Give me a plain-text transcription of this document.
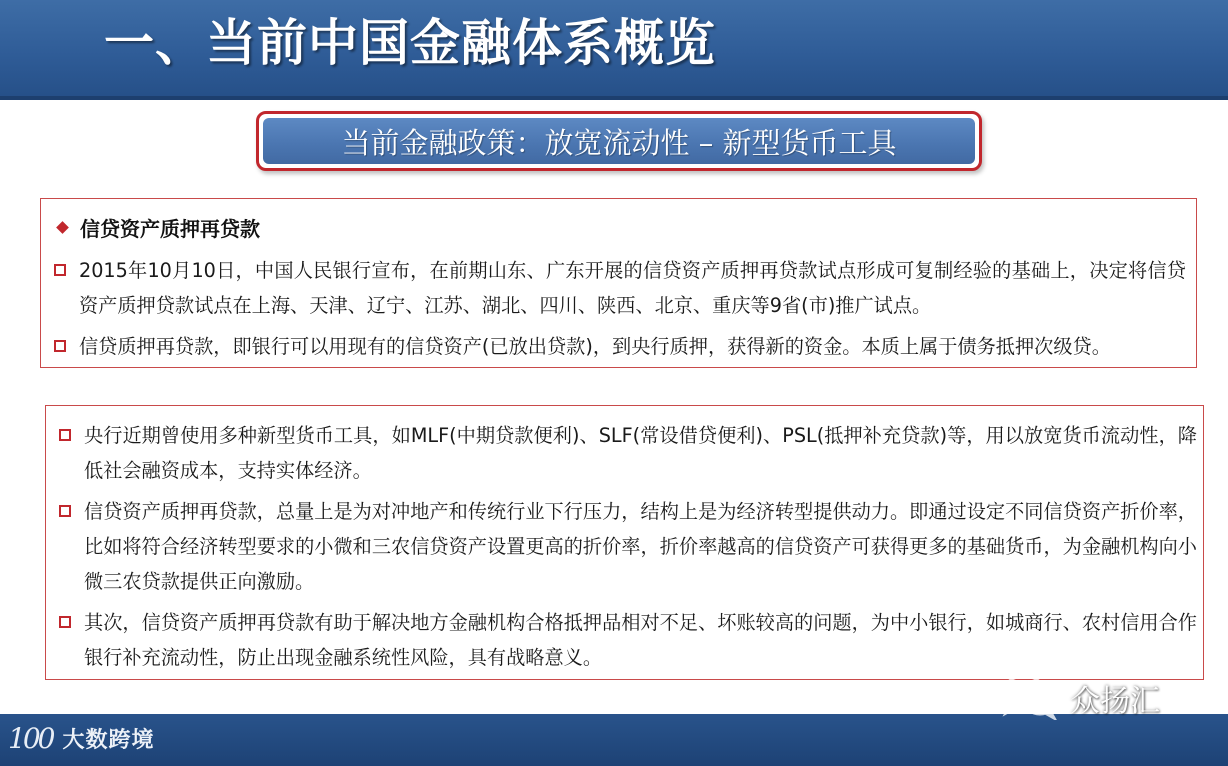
一、当前中国金融体系概览
当前金融政策：放宽流动性 – 新型货币工具
信贷资产质押再贷款
2015年10月10日，中国人民银行宣布，在前期山东、广东开展的信贷资产质押再贷款试点形成可复制经验的基础上，决定将信贷资产质押贷款试点在上海、天津、辽宁、江苏、湖北、四川、陕西、北京、重庆等9省(市)推广试点。
信贷质押再贷款，即银行可以用现有的信贷资产(已放出贷款)，到央行质押，获得新的资金。本质上属于债务抵押次级贷。
央行近期曾使用多种新型货币工具，如MLF(中期贷款便利)、SLF(常设借贷便利)、PSL(抵押补充贷款)等，用以放宽货币流动性，降低社会融资成本，支持实体经济。
信贷资产质押再贷款，总量上是为对冲地产和传统行业下行压力，结构上是为经济转型提供动力。即通过设定不同信贷资产折价率，比如将符合经济转型要求的小微和三农信贷资产设置更高的折价率，折价率越高的信贷资产可获得更多的基础货币，为金融机构向小微三农贷款提供正向激励。
其次，信贷资产质押再贷款有助于解决地方金融机构合格抵押品相对不足、坏账较高的问题，为中小银行，如城商行、农村信用合作银行补充流动性，防止出现金融系统性风险，具有战略意义。
100 大数跨境
众扬汇
